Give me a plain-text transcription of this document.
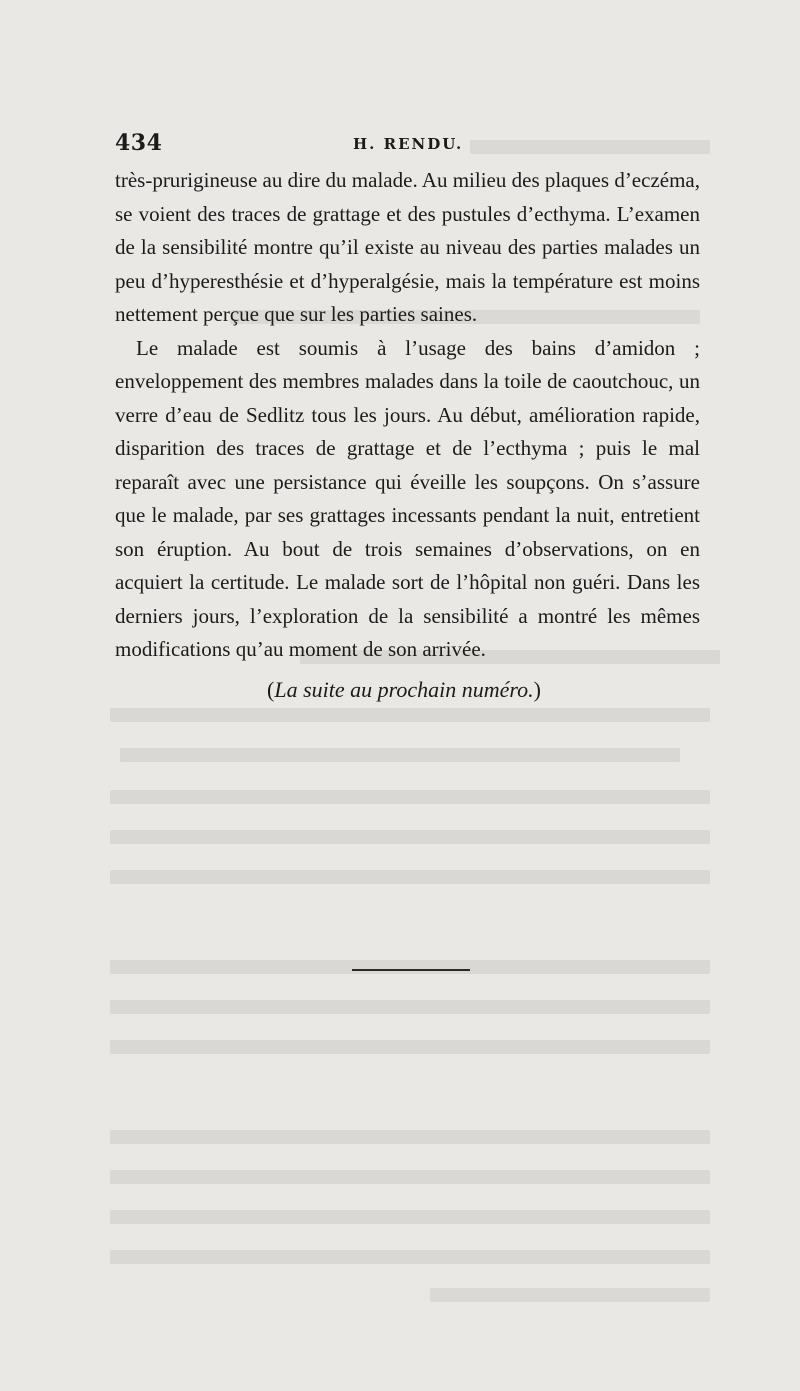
434	H. RENDU.

très-prurigineuse au dire du malade. Au milieu des plaques d’eczéma, se voient des traces de grattage et des pustules d’ecthyma. L’examen de la sensibilité montre qu’il existe au niveau des parties malades un peu d’hyperesthésie et d’hyperalgésie, mais la température est moins nettement perçue que sur les parties saines.

Le malade est soumis à l’usage des bains d’amidon ; enveloppement des membres malades dans la toile de caoutchouc, un verre d’eau de Sedlitz tous les jours. Au début, amélioration rapide, disparition des traces de grattage et de l’ecthyma ; puis le mal reparaît avec une persistance qui éveille les soupçons. On s’assure que le malade, par ses grattages incessants pendant la nuit, entretient son éruption. Au bout de trois semaines d’observations, on en acquiert la certitude. Le malade sort de l’hôpital non guéri. Dans les derniers jours, l’exploration de la sensibilité a montré les mêmes modifications qu’au moment de son arrivée.

(La suite au prochain numéro.)
